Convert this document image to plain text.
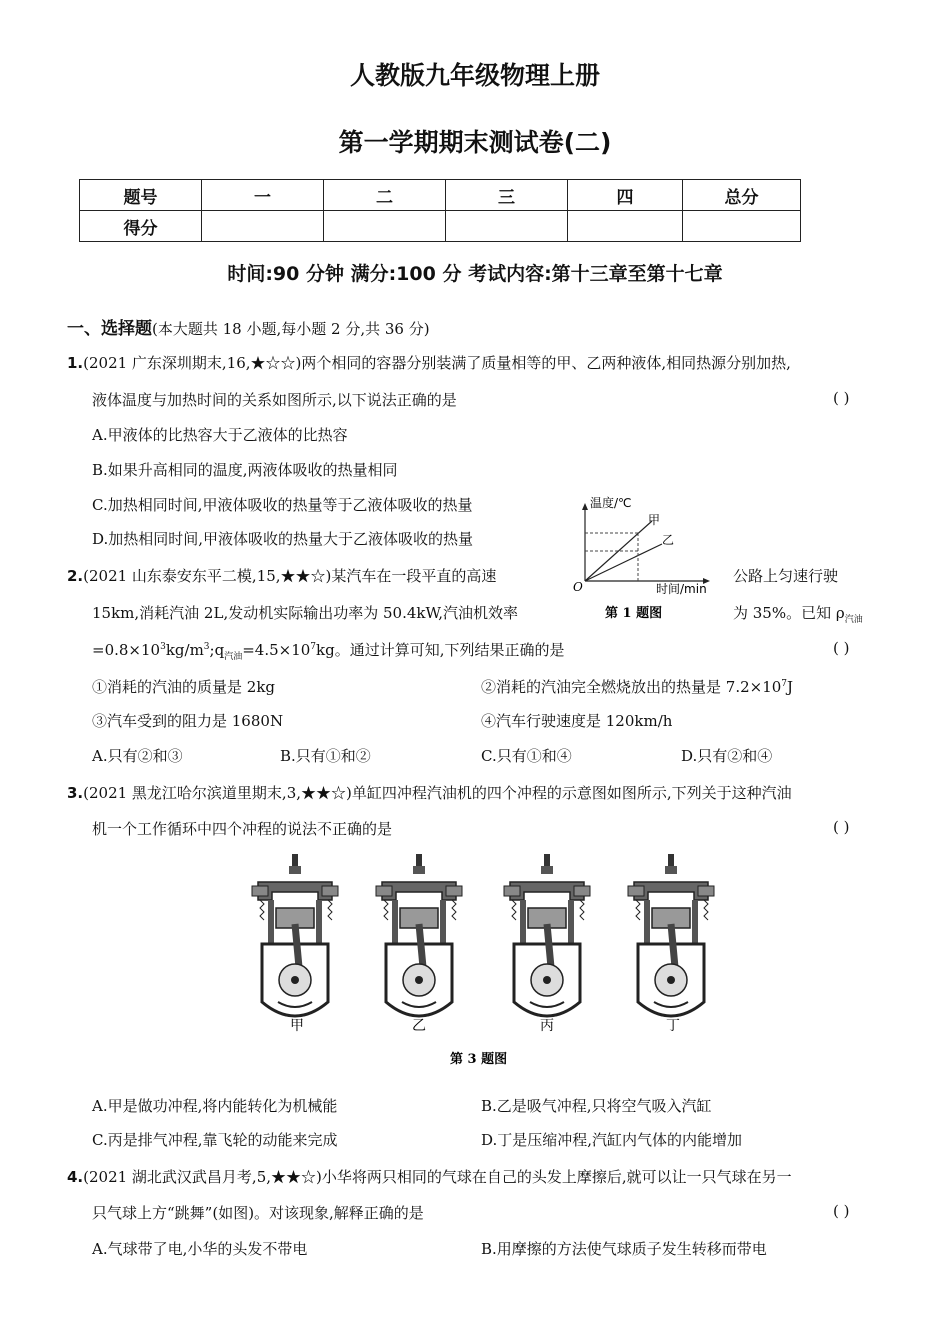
人教版九年级物理上册
第一学期期末测试卷(二)
题号	一	二	三	四	总分
得分					
时间:90 分钟 满分:100 分 考试内容:第十三章至第十七章
一、选择题(本大题共 18 小题,每小题 2 分,共 36 分)
1.(2021 广东深圳期末,16,★☆☆)两个相同的容器分别装满了质量相等的甲、乙两种液体,相同热源分别加热,
液体温度与加热时间的关系如图所示,以下说法正确的是	( )
A.甲液体的比热容大于乙液体的比热容
B.如果升高相同的温度,两液体吸收的热量相同
C.加热相同时间,甲液体吸收的热量等于乙液体吸收的热量
D.加热相同时间,甲液体吸收的热量大于乙液体吸收的热量
温度/℃
甲
乙
O	时间/min
第 1 题图
2.(2021 山东泰安东平二模,15,★★☆)某汽车在一段平直的高速	公路上匀速行驶
15km,消耗汽油 2L,发动机实际输出功率为 50.4kW,汽油机效率	为 35%。已知 $\rho_{汽油}$
$=0.8\times 10^3kg/m^3;q_{汽油}=4.5\times 10^7kg$。通过计算可知,下列结果正确的是	( )
①消耗的汽油的质量是 2kg	②消耗的汽油完全燃烧放出的热量是 $7.2\times 10^7J$
③汽车受到的阻力是 1680N	④汽车行驶速度是 120km/h
A.只有②和③	B.只有①和②	C.只有①和④	D.只有②和④
3.(2021 黑龙江哈尔滨道里期末,3,★★☆)单缸四冲程汽油机的四个冲程的示意图如图所示,下列关于这种汽油
机一个工作循环中四个冲程的说法不正确的是	( )
甲	乙	丙	丁
第 3 题图
A.甲是做功冲程,将内能转化为机械能	B.乙是吸气冲程,只将空气吸入汽缸
C.丙是排气冲程,靠飞轮的动能来完成	D.丁是压缩冲程,汽缸内气体的内能增加
4.(2021 湖北武汉武昌月考,5,★★☆)小华将两只相同的气球在自己的头发上摩擦后,就可以让一只气球在另一
只气球上方“跳舞”(如图)。对该现象,解释正确的是	( )
A.气球带了电,小华的头发不带电	B.用摩擦的方法使气球质子发生转移而带电
